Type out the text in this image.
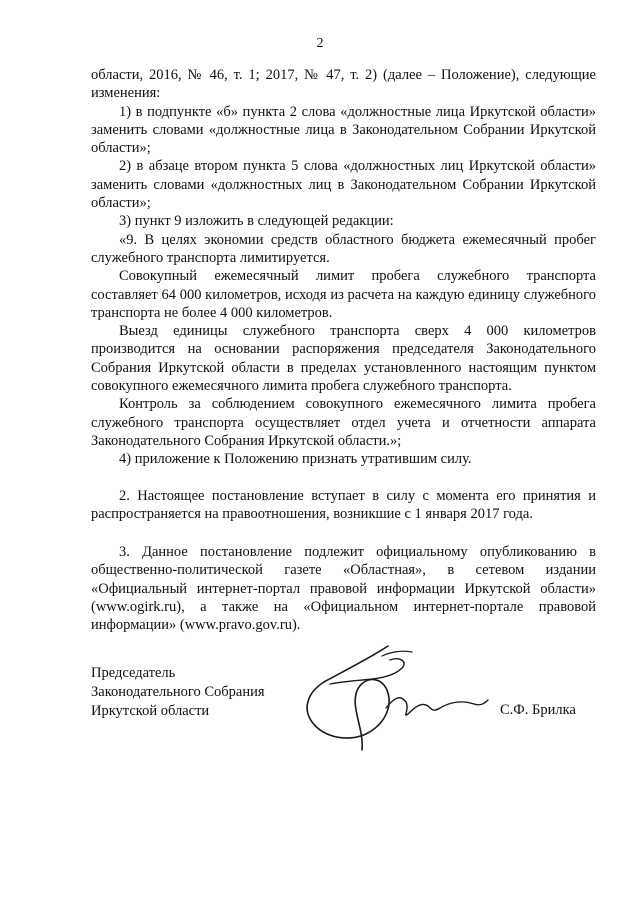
2

области, 2016, № 46, т. 1; 2017, № 47, т. 2) (далее – Положение), следующие изменения:

1) в подпункте «б» пункта 2 слова «должностные лица Иркутской области» заменить словами «должностные лица в Законодательном Собрании Иркутской области»;

2) в абзаце втором пункта 5 слова «должностных лиц Иркутской области» заменить словами «должностных лиц в Законодательном Собрании Иркутской области»;

3) пункт 9 изложить в следующей редакции:

«9. В целях экономии средств областного бюджета ежемесячный пробег служебного транспорта лимитируется.

Совокупный ежемесячный лимит пробега служебного транспорта составляет 64 000 километров, исходя из расчета на каждую единицу служебного транспорта не более 4 000 километров.

Выезд единицы служебного транспорта сверх 4 000 километров производится на основании распоряжения председателя Законодательного Собрания Иркутской области в пределах установленного настоящим пунктом совокупного ежемесячного лимита пробега служебного транспорта.

Контроль за соблюдением совокупного ежемесячного лимита пробега служебного транспорта осуществляет отдел учета и отчетности аппарата Законодательного Собрания Иркутской области.»;

4) приложение к Положению признать утратившим силу.

2. Настоящее постановление вступает в силу с момента его принятия и распространяется на правоотношения, возникшие с 1 января 2017 года.

3. Данное постановление подлежит официальному опубликованию в общественно-политической газете «Областная», в сетевом издании «Официальный интернет-портал правовой информации Иркутской области» (www.ogirk.ru), а также на «Официальном интернет-портале правовой информации» (www.pravo.gov.ru).

Председатель
Законодательного Собрания
Иркутской области	С.Ф. Брилка
